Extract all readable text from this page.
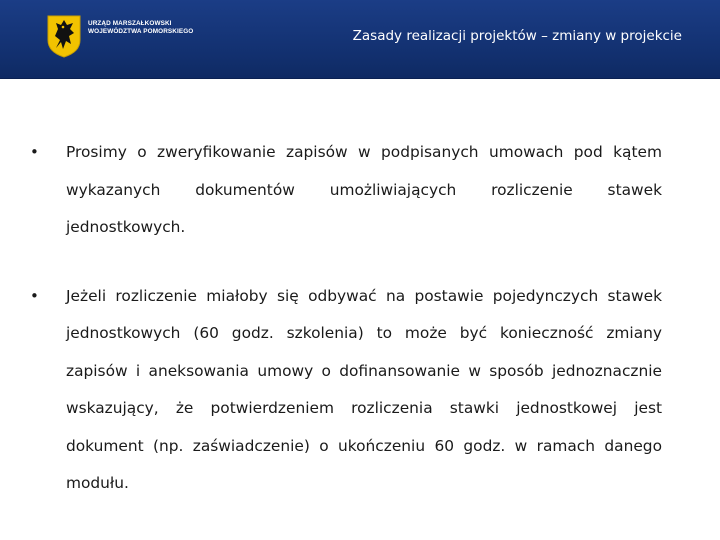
URZĄD MARSZAŁKOWSKI
WOJEWÓDZTWA POMORSKIEGO	Zasady realizacji projektów – zmiany w projekcie
• Prosimy o zweryfikowanie zapisów w podpisanych umowach pod kątem wykazanych dokumentów umożliwiających rozliczenie stawek jednostkowych.
• Jeżeli rozliczenie miałoby się odbywać na postawie pojedynczych stawek jednostkowych (60 godz. szkolenia) to może być konieczność zmiany zapisów i aneksowania umowy o dofinansowanie w sposób jednoznacznie wskazujący, że potwierdzeniem rozliczenia stawki jednostkowej jest dokument (np. zaświadczenie) o ukończeniu 60 godz. w ramach danego modułu.
